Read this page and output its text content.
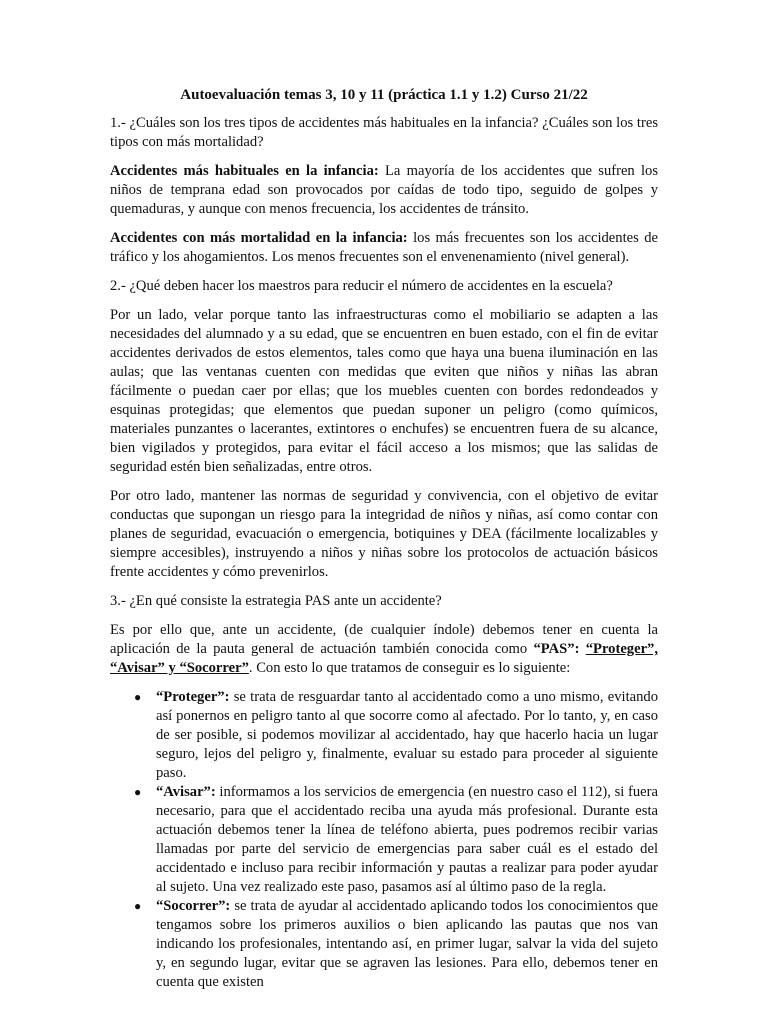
Autoevaluación temas 3, 10 y 11 (práctica 1.1 y 1.2) Curso 21/22

1.- ¿Cuáles son los tres tipos de accidentes más habituales en la infancia? ¿Cuáles son los tres tipos con más mortalidad?

Accidentes más habituales en la infancia: La mayoría de los accidentes que sufren los niños de temprana edad son provocados por caídas de todo tipo, seguido de golpes y quemaduras, y aunque con menos frecuencia, los accidentes de tránsito.

Accidentes con más mortalidad en la infancia: los más frecuentes son los accidentes de tráfico y los ahogamientos. Los menos frecuentes son el envenenamiento (nivel general).

2.- ¿Qué deben hacer los maestros para reducir el número de accidentes en la escuela?

Por un lado, velar porque tanto las infraestructuras como el mobiliario se adapten a las necesidades del alumnado y a su edad, que se encuentren en buen estado, con el fin de evitar accidentes derivados de estos elementos, tales como que haya una buena iluminación en las aulas; que las ventanas cuenten con medidas que eviten que niños y niñas las abran fácilmente o puedan caer por ellas; que los muebles cuenten con bordes redondeados y esquinas protegidas; que elementos que puedan suponer un peligro (como químicos, materiales punzantes o lacerantes, extintores o enchufes) se encuentren fuera de su alcance, bien vigilados y protegidos, para evitar el fácil acceso a los mismos; que las salidas de seguridad estén bien señalizadas, entre otros.

Por otro lado, mantener las normas de seguridad y convivencia, con el objetivo de evitar conductas que supongan un riesgo para la integridad de niños y niñas, así como contar con planes de seguridad, evacuación o emergencia, botiquines y DEA (fácilmente localizables y siempre accesibles), instruyendo a niños y niñas sobre los protocolos de actuación básicos frente accidentes y cómo prevenirlos.

3.- ¿En qué consiste la estrategia PAS ante un accidente?

Es por ello que, ante un accidente, (de cualquier índole) debemos tener en cuenta la aplicación de la pauta general de actuación también conocida como “PAS”: “Proteger”, “Avisar” y “Socorrer”. Con esto lo que tratamos de conseguir es lo siguiente:

● “Proteger”: se trata de resguardar tanto al accidentado como a uno mismo, evitando así ponernos en peligro tanto al que socorre como al afectado. Por lo tanto, y, en caso de ser posible, si podemos movilizar al accidentado, hay que hacerlo hacia un lugar seguro, lejos del peligro y, finalmente, evaluar su estado para proceder al siguiente paso.
● “Avisar”: informamos a los servicios de emergencia (en nuestro caso el 112), si fuera necesario, para que el accidentado reciba una ayuda más profesional. Durante esta actuación debemos tener la línea de teléfono abierta, pues podremos recibir varias llamadas por parte del servicio de emergencias para saber cuál es el estado del accidentado e incluso para recibir información y pautas a realizar para poder ayudar al sujeto. Una vez realizado este paso, pasamos así al último paso de la regla.
● “Socorrer”: se trata de ayudar al accidentado aplicando todos los conocimientos que tengamos sobre los primeros auxilios o bien aplicando las pautas que nos van indicando los profesionales, intentando así, en primer lugar, salvar la vida del sujeto y, en segundo lugar, evitar que se agraven las lesiones. Para ello, debemos tener en cuenta que existen
